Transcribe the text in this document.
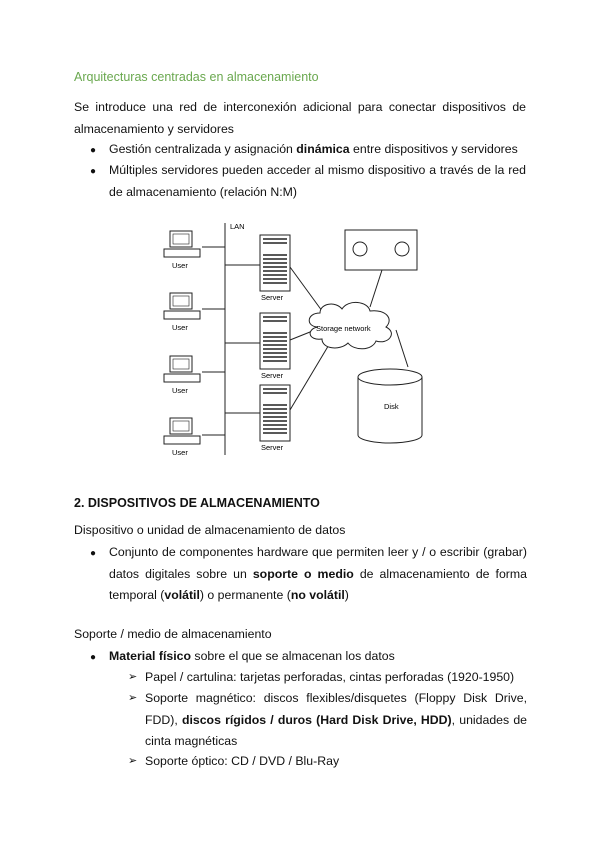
Arquitecturas centradas en almacenamiento
Se introduce una red de interconexión adicional para conectar dispositivos de almacenamiento y servidores
● Gestión centralizada y asignación dinámica entre dispositivos y servidores
● Múltiples servidores pueden acceder al mismo dispositivo a través de la red de almacenamiento (relación N:M)
User
User
User
User
LAN
Server
Server
Server
Storage network
Disk
2. DISPOSITIVOS DE ALMACENAMIENTO
Dispositivo o unidad de almacenamiento de datos
● Conjunto de componentes hardware que permiten leer y / o escribir (grabar) datos digitales sobre un soporte o medio de almacenamiento de forma temporal (volátil) o permanente (no volátil)
Soporte / medio de almacenamiento
● Material físico sobre el que se almacenan los datos
➢ Papel / cartulina: tarjetas perforadas, cintas perforadas (1920-1950)
➢ Soporte magnético: discos flexibles/disquetes (Floppy Disk Drive, FDD), discos rígidos / duros (Hard Disk Drive, HDD), unidades de cinta magnéticas
➢ Soporte óptico: CD / DVD / Blu-Ray
